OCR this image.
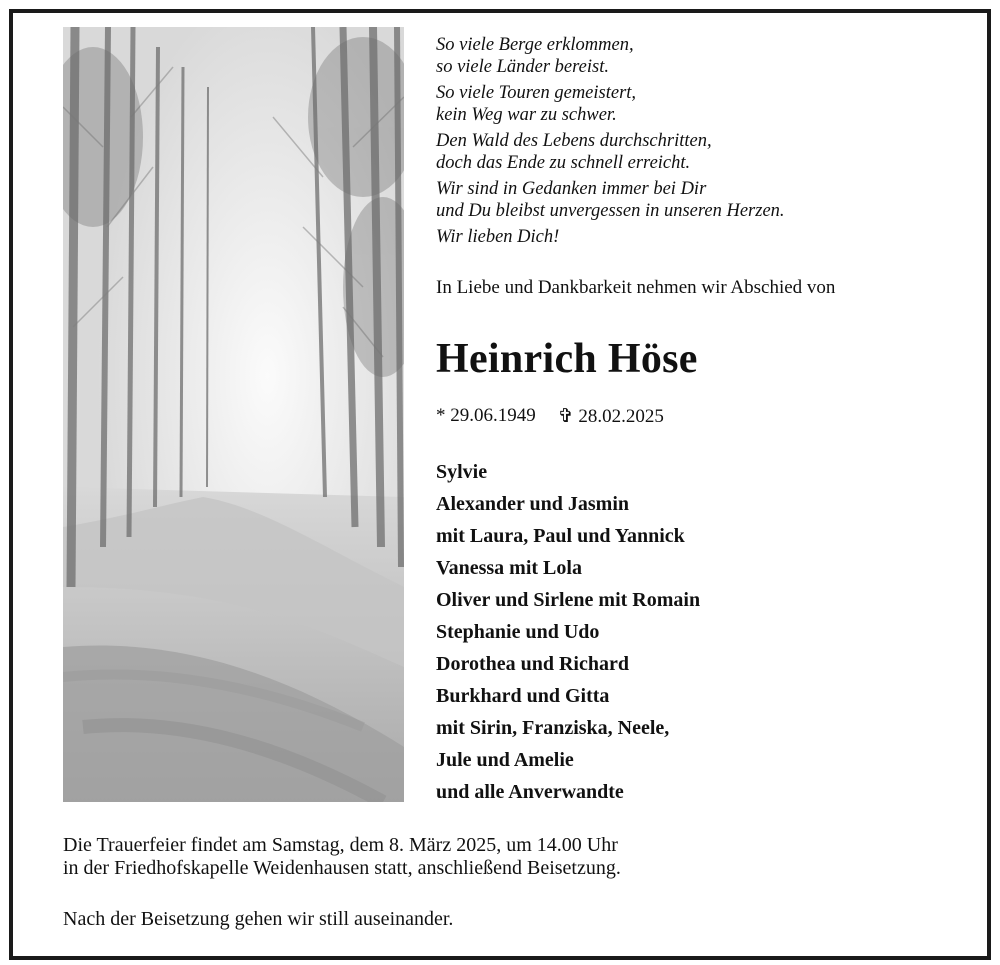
So viele Berge erklommen,
so viele Länder bereist.
So viele Touren gemeistert,
kein Weg war zu schwer.
Den Wald des Lebens durchschritten,
doch das Ende zu schnell erreicht.
Wir sind in Gedanken immer bei Dir
und Du bleibst unvergessen in unseren Herzen.
Wir lieben Dich!
In Liebe und Dankbarkeit nehmen wir Abschied von
Heinrich Höse
* 29.06.1949 ✞ 28.02.2025
Sylvie
Alexander und Jasmin
mit Laura, Paul und Yannick
Vanessa mit Lola
Oliver und Sirlene mit Romain
Stephanie und Udo
Dorothea und Richard
Burkhard und Gitta
mit Sirin, Franziska, Neele,
Jule und Amelie
und alle Anverwandte
Die Trauerfeier findet am Samstag, dem 8. März 2025, um 14.00 Uhr
in der Friedhofskapelle Weidenhausen statt, anschließend Beisetzung.
Nach der Beisetzung gehen wir still auseinander.
